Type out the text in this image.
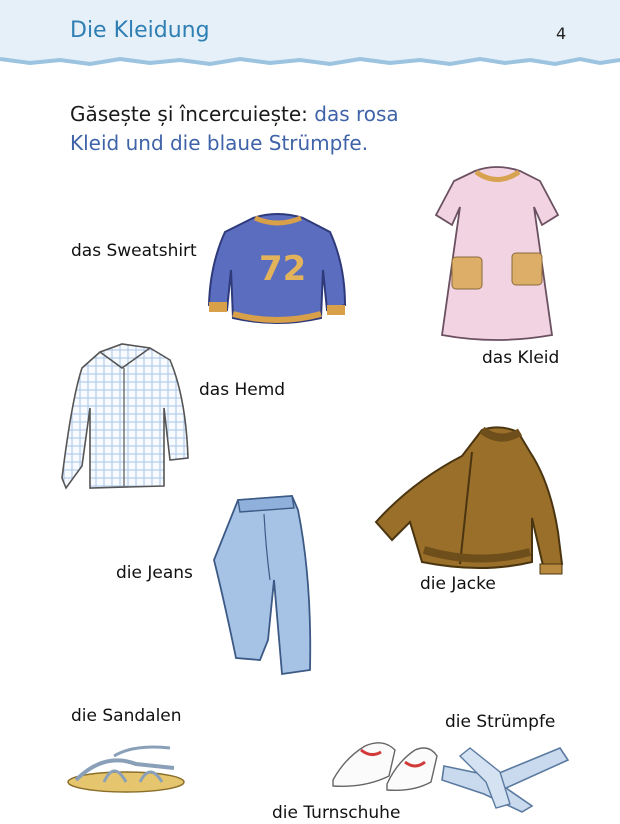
Die Kleidung	4
Găsește și încercuiește: das rosa Kleid und die blaue Strümpfe.
das Sweatshirt 72
das Kleid
das Hemd
die Jacke
die Jeans
die Sandalen
die Turnschuhe
die Strümpfe
